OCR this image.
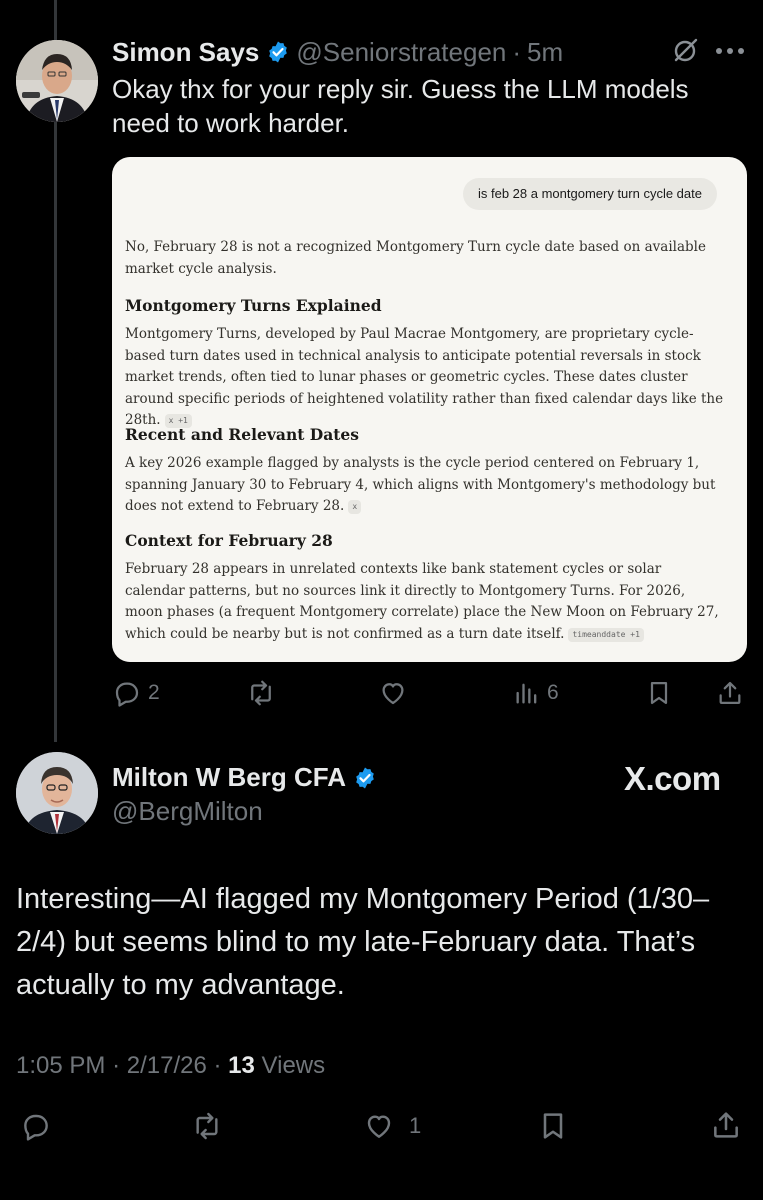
Simon Says @Seniorstrategen · 5m
Okay thx for your reply sir. Guess the LLM models need to work harder.
is feb 28 a montgomery turn cycle date
No, February 28 is not a recognized Montgomery Turn cycle date based on available market cycle analysis.
Montgomery Turns Explained
Montgomery Turns, developed by Paul Macrae Montgomery, are proprietary cycle-based turn dates used in technical analysis to anticipate potential reversals in stock market trends, often tied to lunar phases or geometric cycles. These dates cluster around specific periods of heightened volatility rather than fixed calendar days like the 28th. x +1
Recent and Relevant Dates
A key 2026 example flagged by analysts is the cycle period centered on February 1, spanning January 30 to February 4, which aligns with Montgomery's methodology but does not extend to February 28. x
Context for February 28
February 28 appears in unrelated contexts like bank statement cycles or solar calendar patterns, but no sources link it directly to Montgomery Turns. For 2026, moon phases (a frequent Montgomery correlate) place the New Moon on February 27, which could be nearby but is not confirmed as a turn date itself. timeanddate +1
2	6
Milton W Berg CFA
@BergMilton
X.com
Interesting—AI flagged my Montgomery Period (1/30–2/4) but seems blind to my late-February data. That’s actually to my advantage.
1:05 PM · 2/17/26 · 13 Views
1
